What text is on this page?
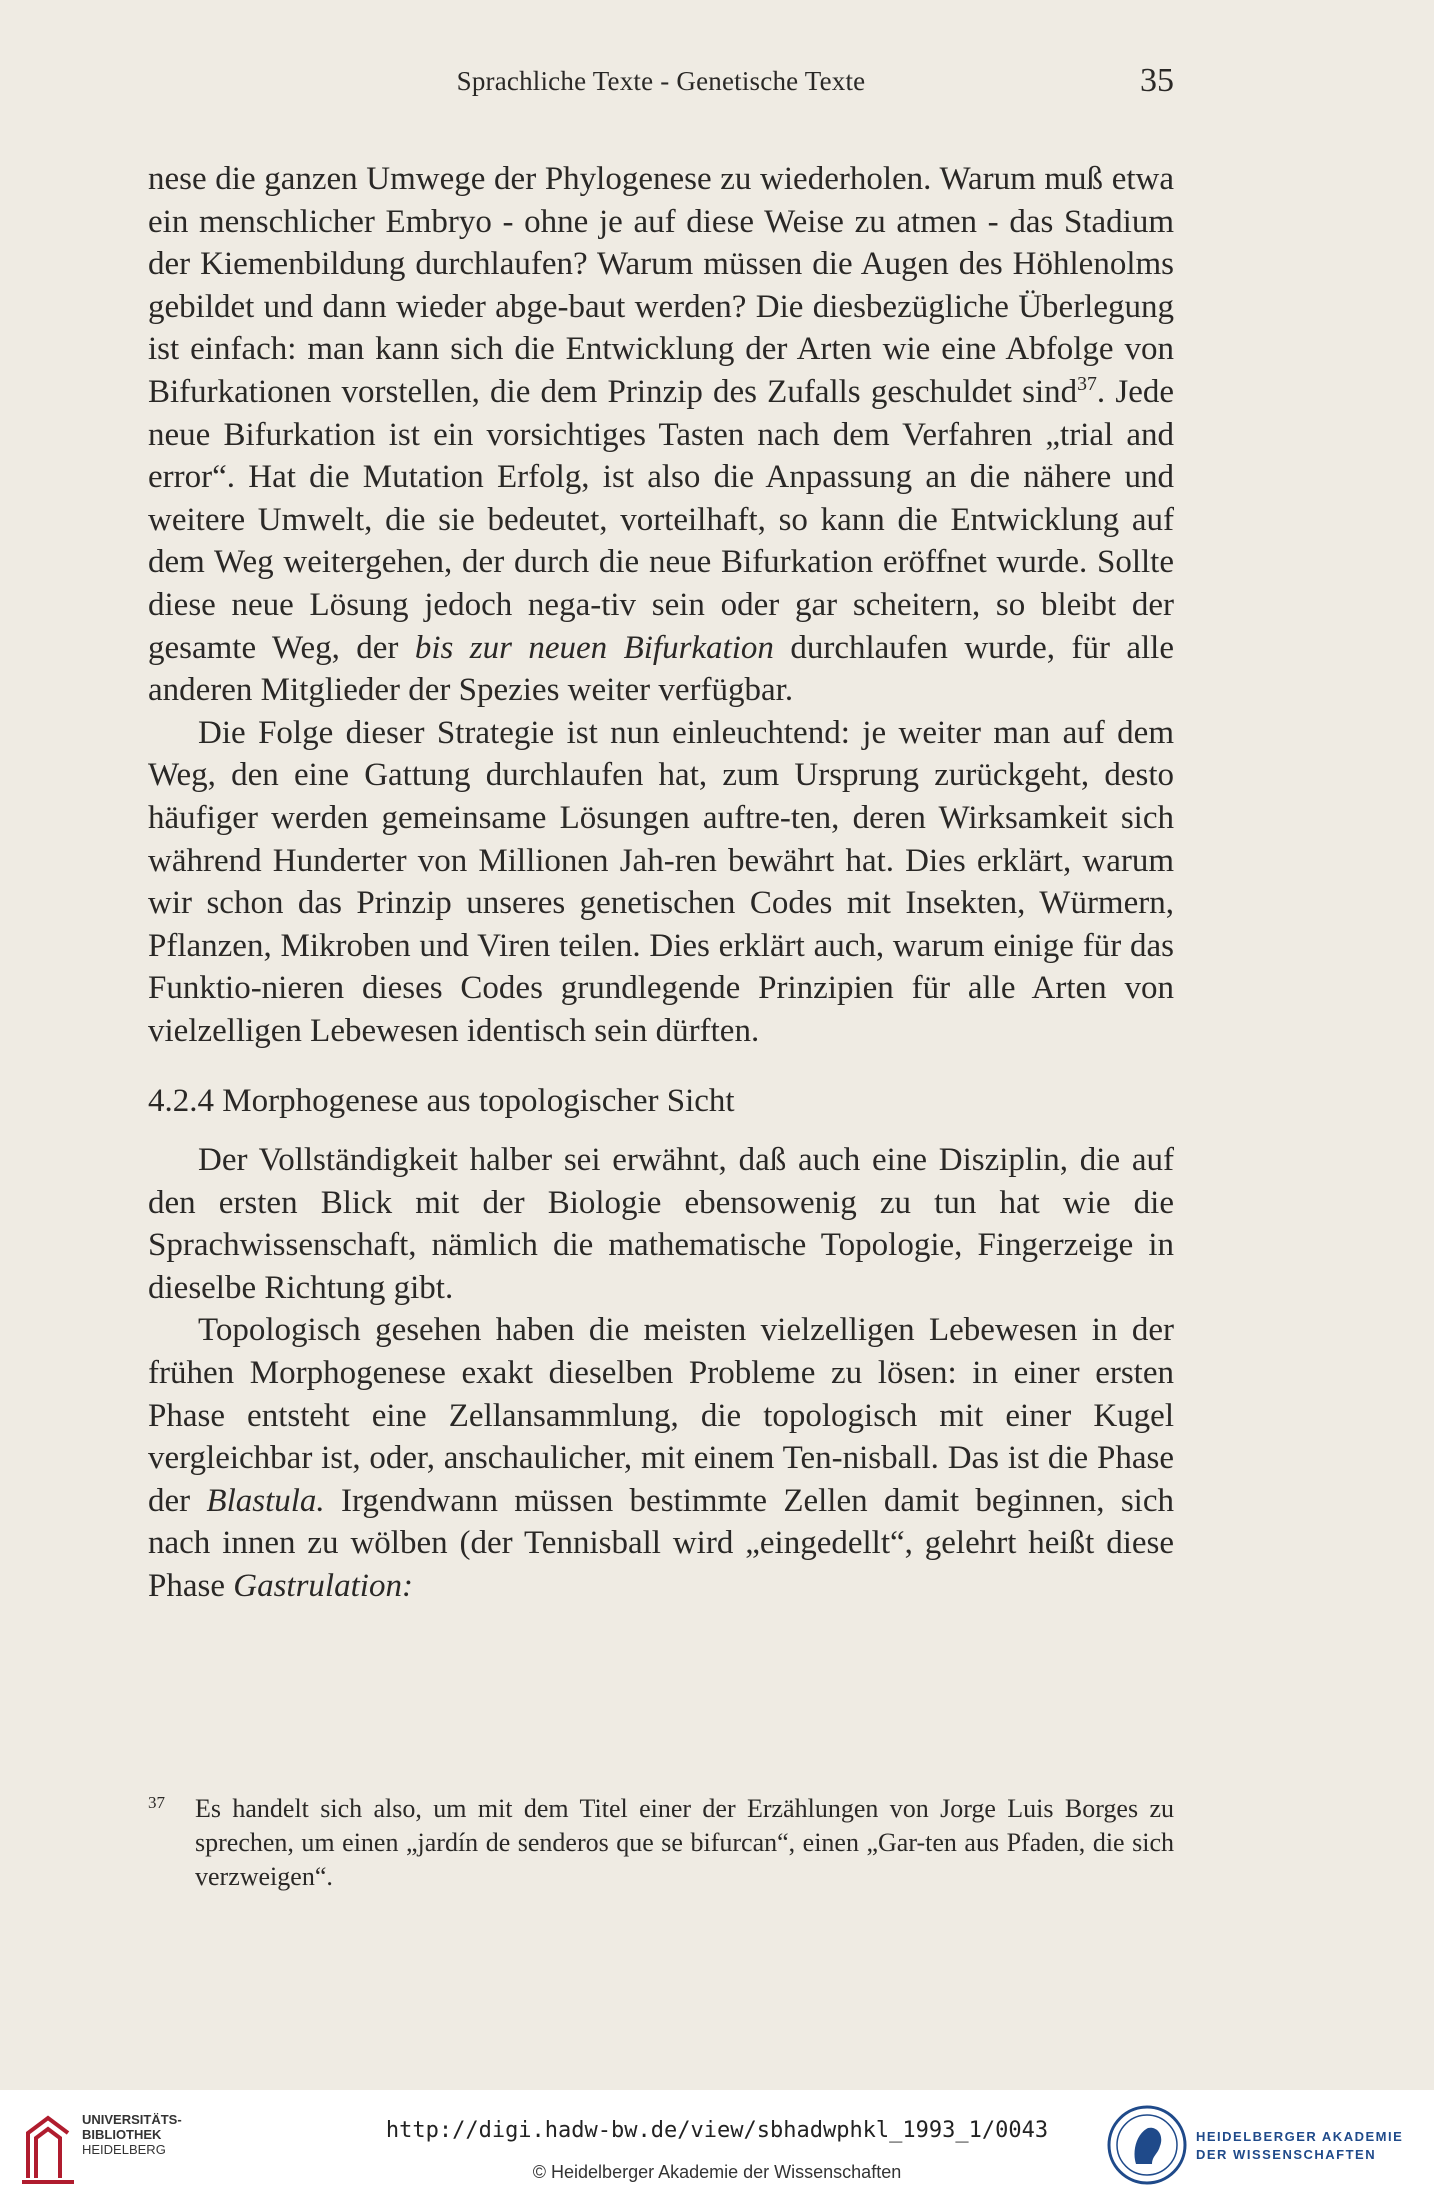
Sprachliche Texte - Genetische Texte	35

nese die ganzen Umwege der Phylogenese zu wiederholen. Warum muß etwa ein menschlicher Embryo - ohne je auf diese Weise zu atmen - das Stadium der Kiemenbildung durchlaufen? Warum müssen die Augen des Höhlenolms gebildet und dann wieder abge-baut werden? Die diesbezügliche Überlegung ist einfach: man kann sich die Entwicklung der Arten wie eine Abfolge von Bifurkationen vorstellen, die dem Prinzip des Zufalls geschuldet sind$^{37}$. Jede neue Bifurkation ist ein vorsichtiges Tasten nach dem Verfahren „trial and error“. Hat die Mutation Erfolg, ist also die Anpassung an die nähere und weitere Umwelt, die sie bedeutet, vorteilhaft, so kann die Entwicklung auf dem Weg weitergehen, der durch die neue Bifurkation eröffnet wurde. Sollte diese neue Lösung jedoch nega-tiv sein oder gar scheitern, so bleibt der gesamte Weg, der bis zur neuen Bifurkation durchlaufen wurde, für alle anderen Mitglieder der Spezies weiter verfügbar.

Die Folge dieser Strategie ist nun einleuchtend: je weiter man auf dem Weg, den eine Gattung durchlaufen hat, zum Ursprung zurückgeht, desto häufiger werden gemeinsame Lösungen auftre-ten, deren Wirksamkeit sich während Hunderter von Millionen Jah-ren bewährt hat. Dies erklärt, warum wir schon das Prinzip unseres genetischen Codes mit Insekten, Würmern, Pflanzen, Mikroben und Viren teilen. Dies erklärt auch, warum einige für das Funktio-nieren dieses Codes grundlegende Prinzipien für alle Arten von vielzelligen Lebewesen identisch sein dürften.

4.2.4 Morphogenese aus topologischer Sicht

Der Vollständigkeit halber sei erwähnt, daß auch eine Disziplin, die auf den ersten Blick mit der Biologie ebensowenig zu tun hat wie die Sprachwissenschaft, nämlich die mathematische Topologie, Fingerzeige in dieselbe Richtung gibt.

Topologisch gesehen haben die meisten vielzelligen Lebewesen in der frühen Morphogenese exakt dieselben Probleme zu lösen: in einer ersten Phase entsteht eine Zellansammlung, die topologisch mit einer Kugel vergleichbar ist, oder, anschaulicher, mit einem Ten-nisball. Das ist die Phase der Blastula. Irgendwann müssen bestimmte Zellen damit beginnen, sich nach innen zu wölben (der Tennisball wird „eingedellt“, gelehrt heißt diese Phase Gastrulation:

37 Es handelt sich also, um mit dem Titel einer der Erzählungen von Jorge Luis Borges zu sprechen, um einen „jardín de senderos que se bifurcan“, einen „Gar-ten aus Pfaden, die sich verzweigen“.
UNIVERSITÄTS-
BIBLIOTHEK
HEIDELBERG
http://digi.hadw-bw.de/view/sbhadwphkl_1993_1/0043
© Heidelberger Akademie der Wissenschaften
HEIDELBERGER AKADEMIE
DER WISSENSCHAFTEN
